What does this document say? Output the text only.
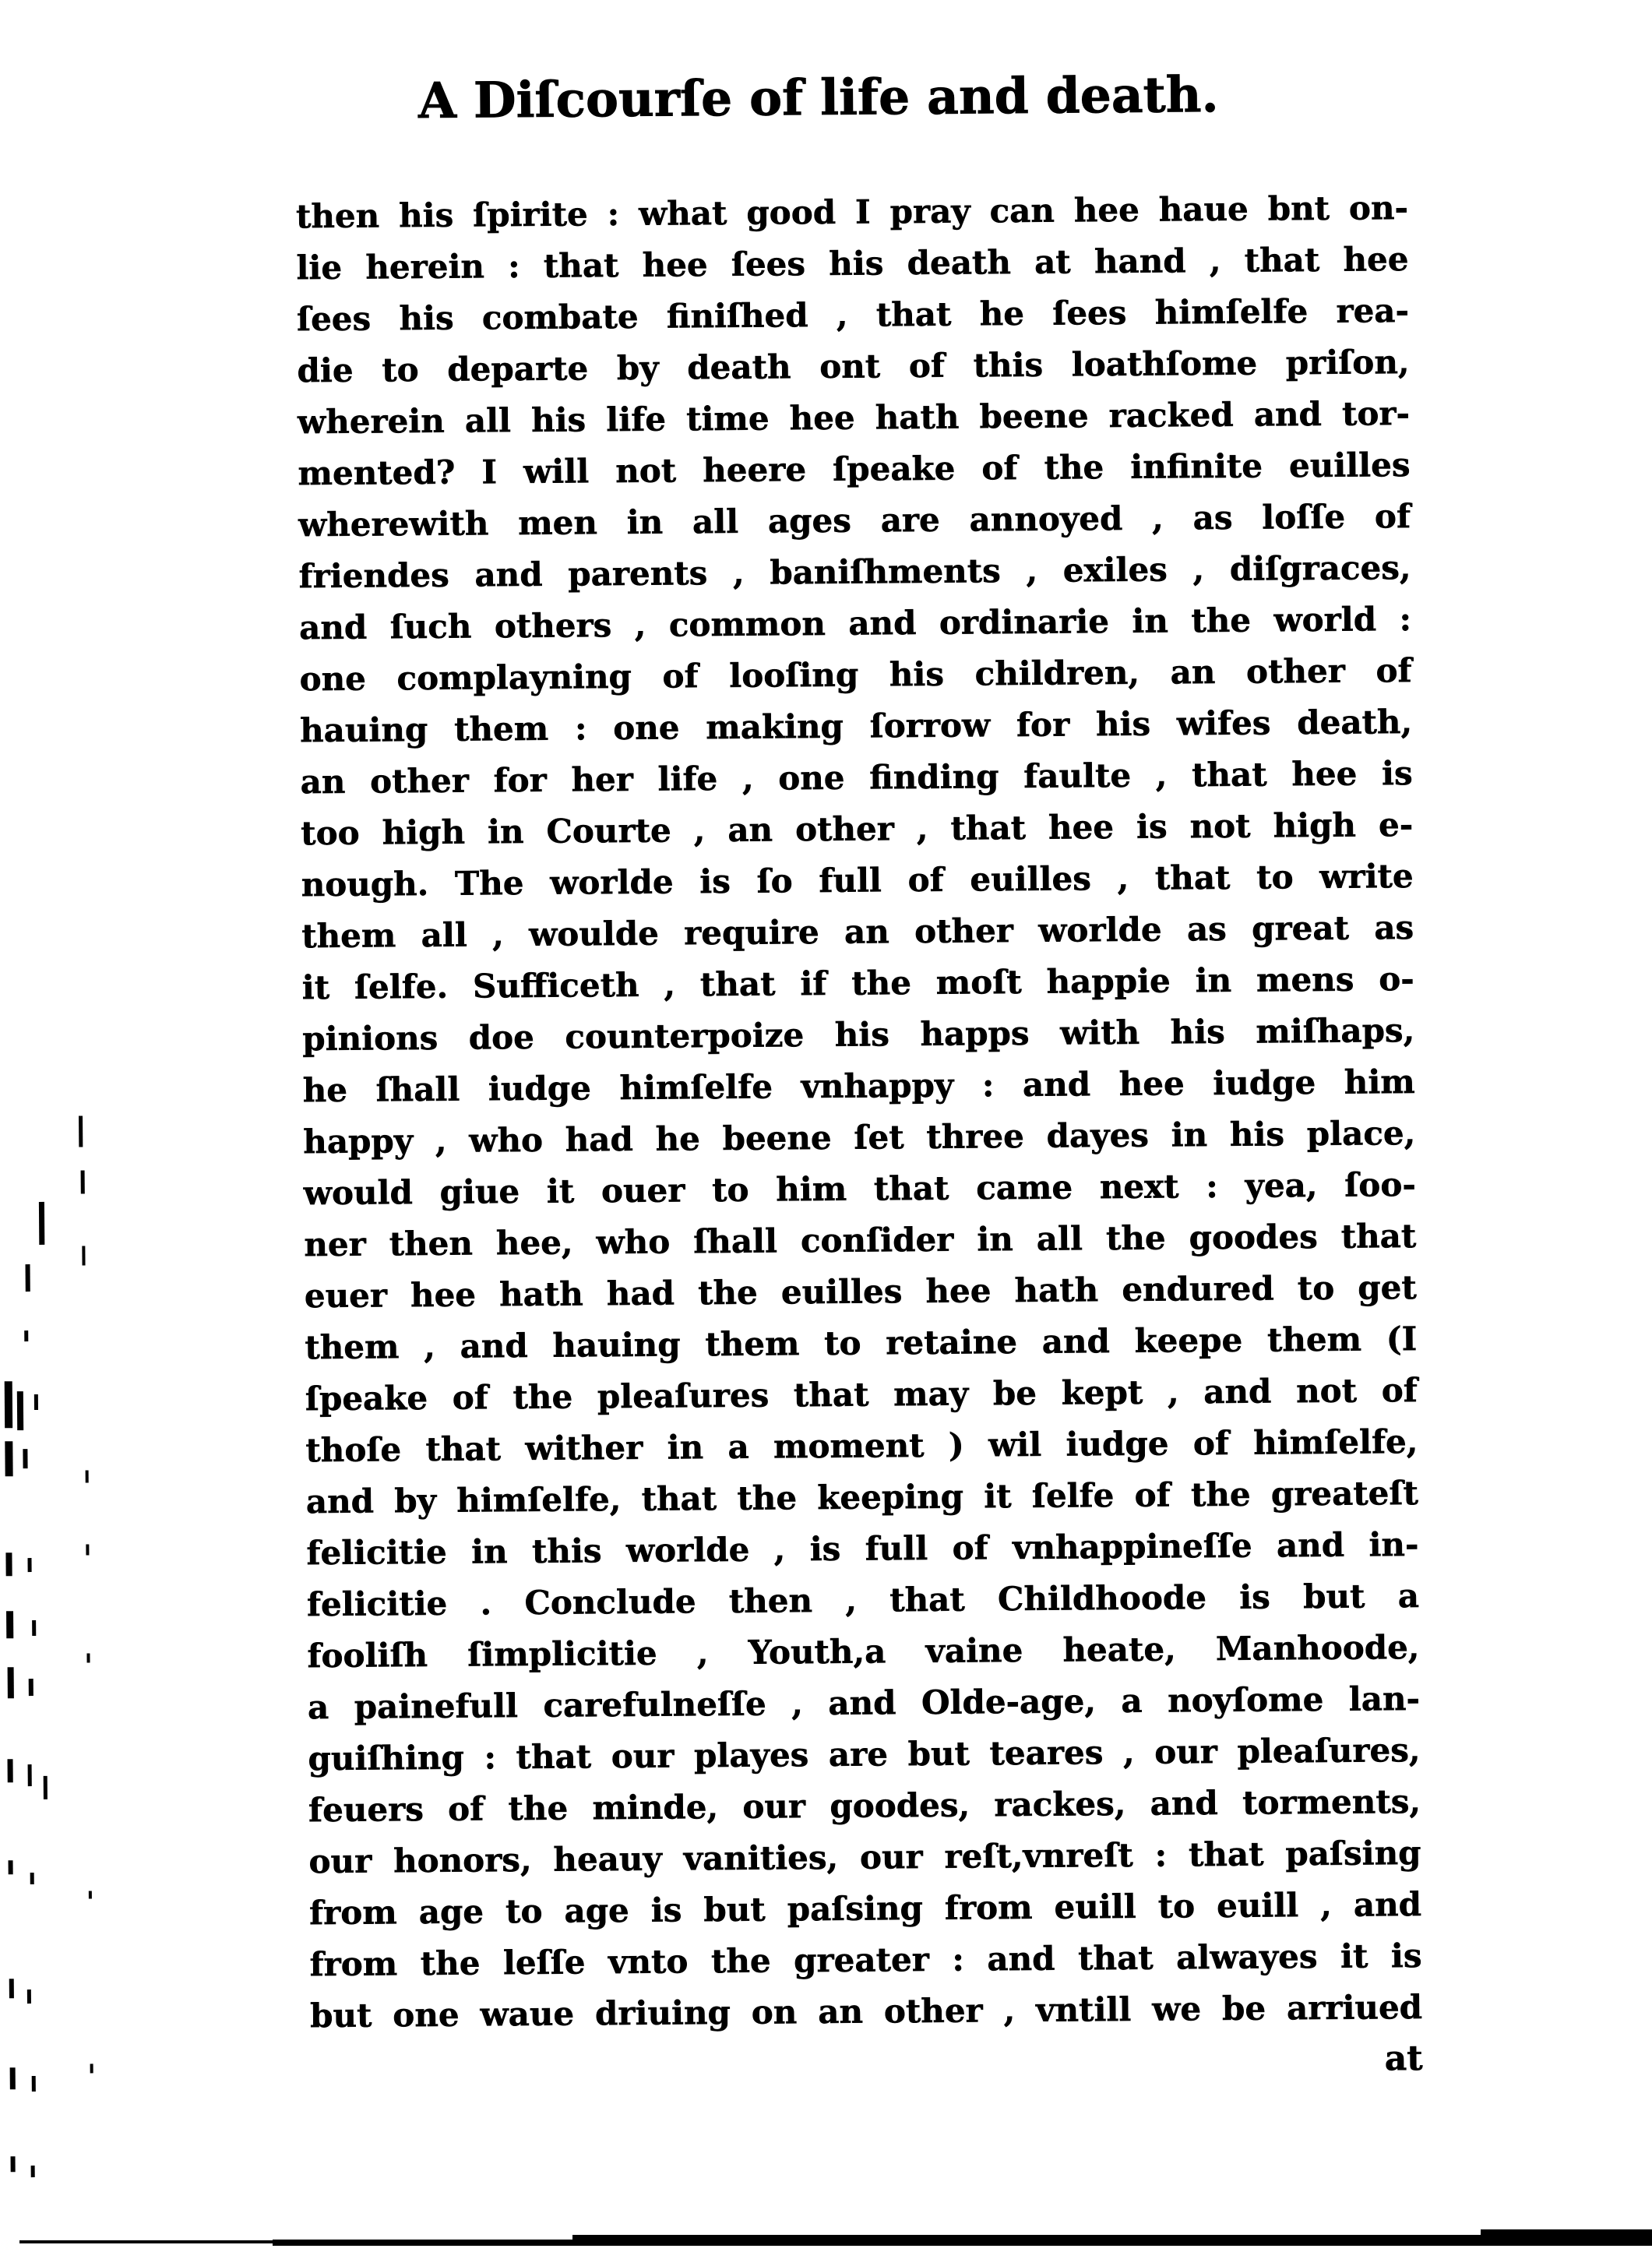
A Diſcourſe of life and death.
then his ſpirite : what good I pray can hee haue bnt on-
lie herein : that hee ſees his death at hand , that hee
ſees his combate finiſhed , that he ſees himſelfe rea-
die to departe by death ont of this loathſome priſon,
wherein all his life time hee hath beene racked and tor-
mented? I will not heere ſpeake of the infinite euilles
wherewith men in all ages are annoyed , as loſſe of
friendes and parents , baniſhments , exiles , diſgraces,
and ſuch others , common and ordinarie in the world :
one complayning of looſing his children, an other of
hauing them : one making ſorrow for his wifes death,
an other for her life , one finding faulte , that hee is
too high in Courte , an other , that hee is not high e-
nough. The worlde is ſo full of euilles , that to write
them all , woulde require an other worlde as great as
it ſelfe. Sufficeth , that if the moſt happie in mens o-
pinions doe counterpoize his happs with his miſhaps,
he ſhall iudge himſelfe vnhappy : and hee iudge him
happy , who had he beene ſet three dayes in his place,
would giue it ouer to him that came next : yea, ſoo-
ner then hee, who ſhall conſider in all the goodes that
euer hee hath had the euilles hee hath endured to get
them , and hauing them to retaine and keepe them (I
ſpeake of the pleaſures that may be kept , and not of
thoſe that wither in a moment ) wil iudge of himſelfe,
and by himſelfe, that the keeping it ſelfe of the greateſt
felicitie in this worlde , is full of vnhappineſſe and in-
felicitie . Conclude then , that Childhoode is but a
fooliſh ſimplicitie , Youth,a vaine heate, Manhoode,
a painefull carefulneſſe , and Olde-age, a noyſome lan-
guiſhing : that our playes are but teares , our pleaſures,
feuers of the minde, our goodes, rackes, and torments,
our honors, heauy vanities, our reſt,vnreſt : that paſsing
from age to age is but paſsing from euill to euill , and
from the leſſe vnto the greater : and that alwayes it is
but one waue driuing on an other , vntill we be arriued
at
